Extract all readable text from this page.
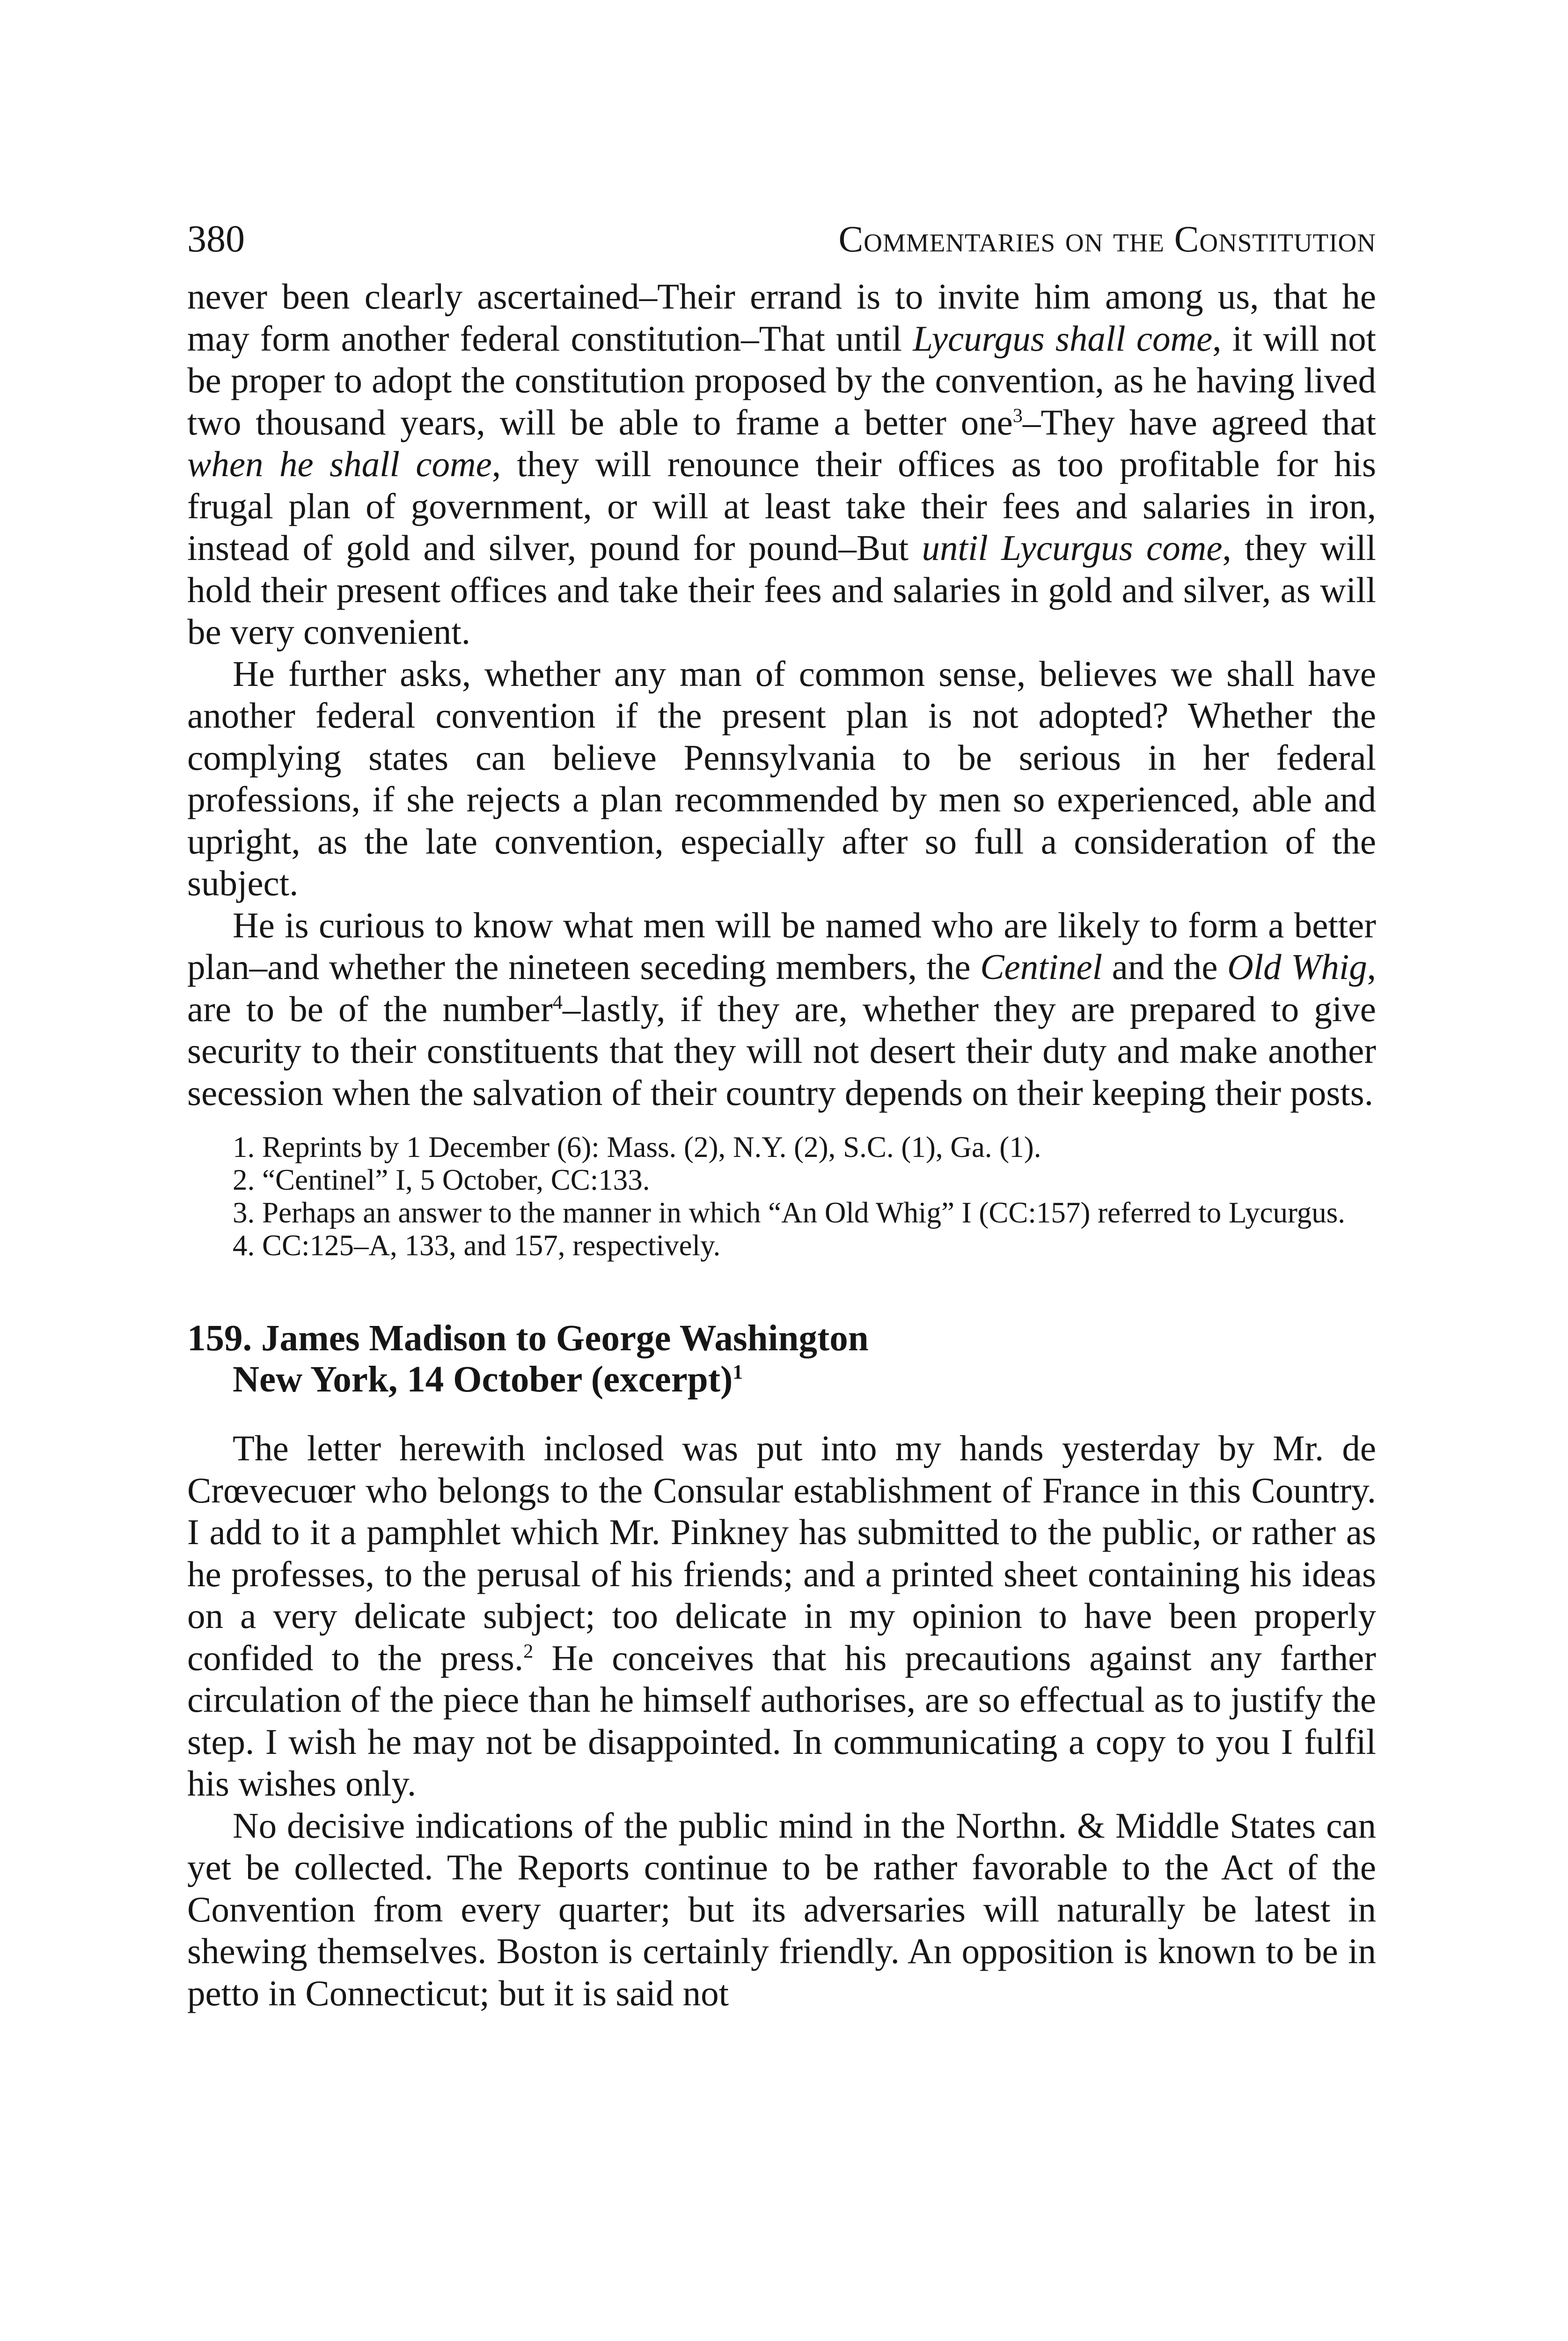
380	Commentaries on the Constitution

never been clearly ascertained–Their errand is to invite him among us, that he may form another federal constitution–That until Lycurgus shall come, it will not be proper to adopt the constitution proposed by the convention, as he having lived two thousand years, will be able to frame a better one$^3$–They have agreed that when he shall come, they will renounce their offices as too profitable for his frugal plan of government, or will at least take their fees and salaries in iron, instead of gold and silver, pound for pound–But until Lycurgus come, they will hold their present offices and take their fees and salaries in gold and silver, as will be very convenient.

He further asks, whether any man of common sense, believes we shall have another federal convention if the present plan is not adopted? Whether the complying states can believe Pennsylvania to be serious in her federal professions, if she rejects a plan recommended by men so experienced, able and upright, as the late convention, especially after so full a consideration of the subject.

He is curious to know what men will be named who are likely to form a better plan–and whether the nineteen seceding members, the Centinel and the Old Whig, are to be of the number$^4$–lastly, if they are, whether they are prepared to give security to their constituents that they will not desert their duty and make another secession when the salvation of their country depends on their keeping their posts.

1. Reprints by 1 December (6): Mass. (2), N.Y. (2), S.C. (1), Ga. (1).

2. “Centinel” I, 5 October, CC:133.

3. Perhaps an answer to the manner in which “An Old Whig” I (CC:157) referred to Lycurgus.

4. CC:125–A, 133, and 157, respectively.

159. James Madison to George Washington
New York, 14 October (excerpt)$^1$

The letter herewith inclosed was put into my hands yesterday by Mr. de Crœvecuœr who belongs to the Consular establishment of France in this Country. I add to it a pamphlet which Mr. Pinkney has submitted to the public, or rather as he professes, to the perusal of his friends; and a printed sheet containing his ideas on a very delicate subject; too delicate in my opinion to have been properly confided to the press.$^2$ He conceives that his precautions against any farther circulation of the piece than he himself authorises, are so effectual as to justify the step. I wish he may not be disappointed. In communicating a copy to you I fulfil his wishes only.

No decisive indications of the public mind in the Northn. & Middle States can yet be collected. The Reports continue to be rather favorable to the Act of the Convention from every quarter; but its adversaries will naturally be latest in shewing themselves. Boston is certainly friendly. An opposition is known to be in petto in Connecticut; but it is said not
